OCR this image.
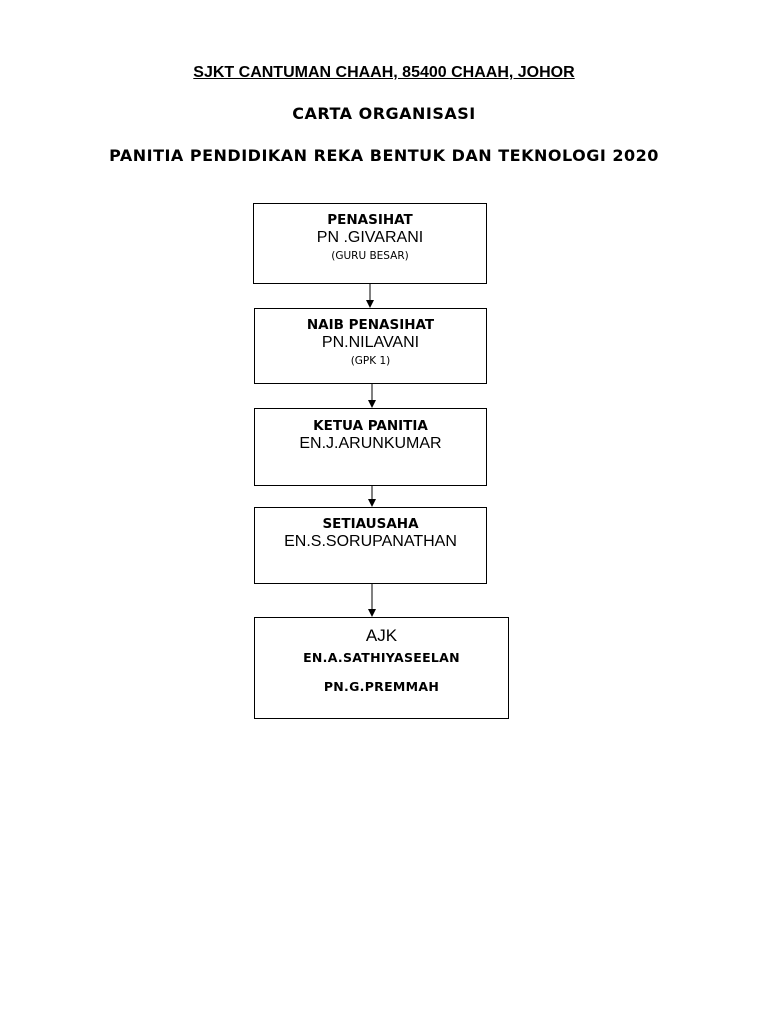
SJKT CANTUMAN CHAAH, 85400 CHAAH, JOHOR
CARTA ORGANISASI
PANITIA PENDIDIKAN REKA BENTUK DAN TEKNOLOGI 2020
PENASIHAT
PN .GIVARANI
(GURU BESAR)
NAIB PENASIHAT
PN.NILAVANI
(GPK 1)
KETUA PANITIA
EN.J.ARUNKUMAR
SETIAUSAHA
EN.S.SORUPANATHAN
AJK
EN.A.SATHIYASEELAN
PN.G.PREMMAH
